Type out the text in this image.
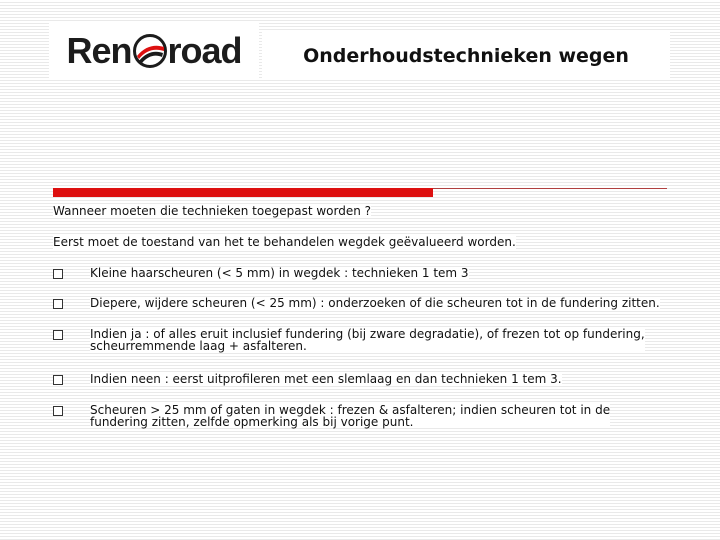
Ren road	Onderhoudstechnieken wegen
Wanneer moeten die technieken toegepast worden ?
Eerst moet de toestand van het te behandelen wegdek geëvalueerd worden.
Kleine haarscheuren (< 5 mm) in wegdek : technieken 1 tem 3
Diepere, wijdere scheuren (< 25 mm) : onderzoeken of die scheuren tot in de fundering zitten.
Indien ja : of alles eruit inclusief fundering (bij zware degradatie), of frezen tot op fundering,
scheurremmende laag + asfalteren.
Indien neen : eerst uitprofileren met een slemlaag en dan technieken 1 tem 3.
Scheuren > 25 mm of gaten in wegdek : frezen & asfalteren; indien scheuren tot in de
fundering zitten, zelfde opmerking als bij vorige punt.
